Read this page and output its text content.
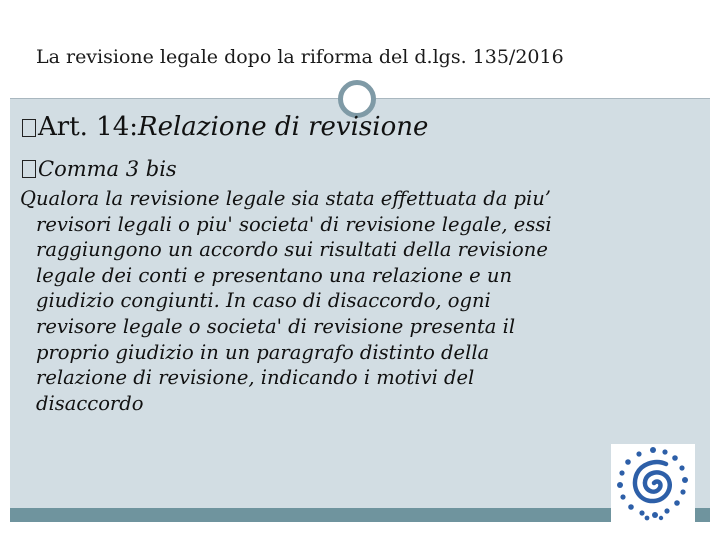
La revisione legale dopo la riforma del d.lgs. 135/2016
Art. 14:Relazione di revisione
Comma 3 bis
Qualora la revisione legale sia stata effettuata da piu’
revisori legali o piu' societa' di revisione legale, essi
raggiungono un accordo sui risultati della revisione
legale dei conti e presentano una relazione e un
giudizio congiunti. In caso di disaccordo, ogni
revisore legale o societa' di revisione presenta il
proprio giudizio in un paragrafo distinto della
relazione di revisione, indicando i motivi del
disaccordo
